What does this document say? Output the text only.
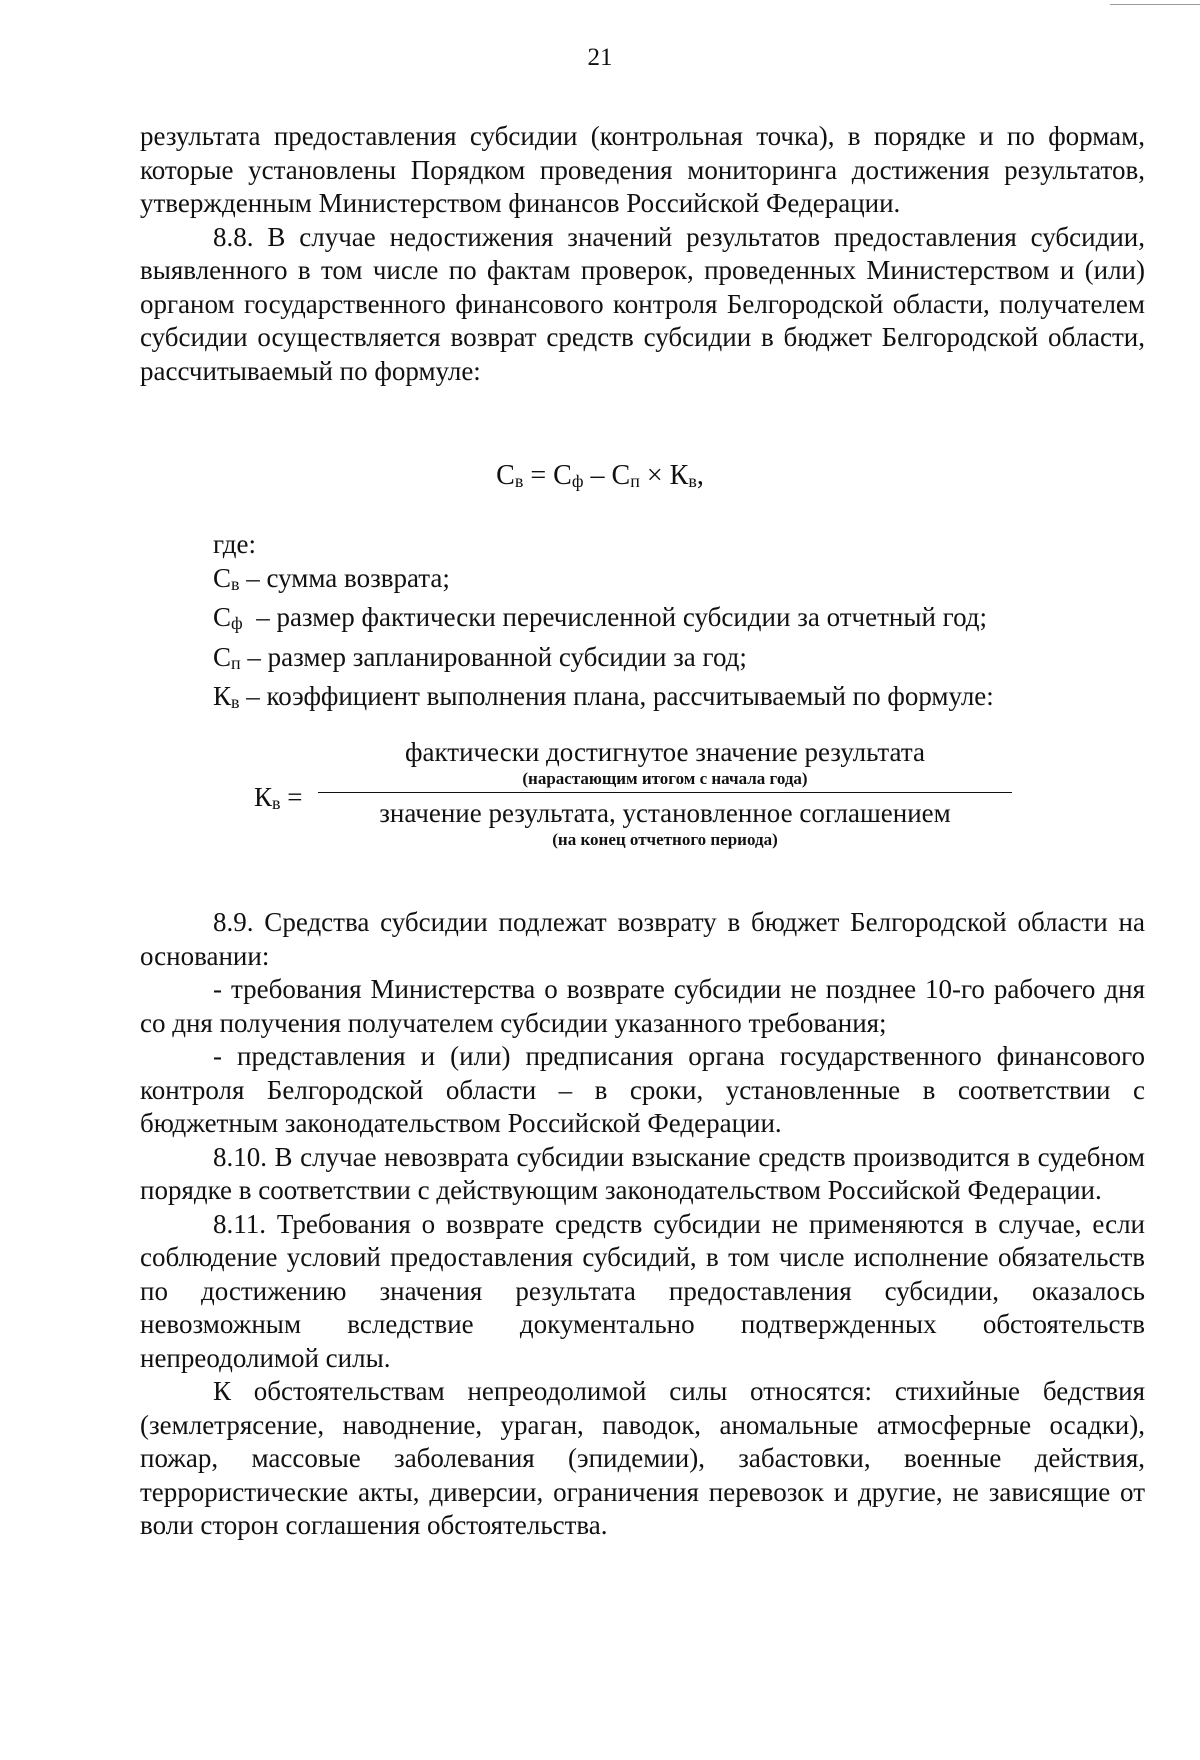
21

результата предоставления субсидии (контрольная точка), в порядке и по формам, которые установлены Порядком проведения мониторинга достижения результатов, утвержденным Министерством финансов Российской Федерации.

8.8. В случае недостижения значений результатов предоставления субсидии, выявленного в том числе по фактам проверок, проведенных Министерством и (или) органом государственного финансового контроля Белгородской области, получателем субсидии осуществляется возврат средств субсидии в бюджет Белгородской области, рассчитываемый по формуле:

Св = Сф – Сп × Кв,
где:
Св – сумма возврата;
Сф  – размер фактически перечисленной субсидии за отчетный год;
Сп – размер запланированной субсидии за год;
Кв – коэффициент выполнения плана, рассчитываемый по формуле:
Кв =
фактически достигнутое значение результата
(нарастающим итогом с начала года)
значение результата, установленное соглашением
(на конец отчетного периода)

8.9. Средства субсидии подлежат возврату в бюджет Белгородской области на основании:

- требования Министерства о возврате субсидии не позднее 10-го рабочего дня со дня получения получателем субсидии указанного требования;

- представления и (или) предписания органа государственного финансового контроля Белгородской области – в сроки, установленные в соответствии с бюджетным законодательством Российской Федерации.

8.10. В случае невозврата субсидии взыскание средств производится в судебном порядке в соответствии с действующим законодательством Российской Федерации.

8.11. Требования о возврате средств субсидии не применяются в случае, если соблюдение условий предоставления субсидий, в том числе исполнение обязательств по достижению значения результата предоставления субсидии, оказалось невозможным вследствие документально подтвержденных обстоятельств непреодолимой силы.

К обстоятельствам непреодолимой силы относятся: стихийные бедствия (землетрясение, наводнение, ураган, паводок, аномальные атмосферные осадки), пожар, массовые заболевания (эпидемии), забастовки, военные действия, террористические акты, диверсии, ограничения перевозок и другие, не зависящие от воли сторон соглашения обстоятельства.
